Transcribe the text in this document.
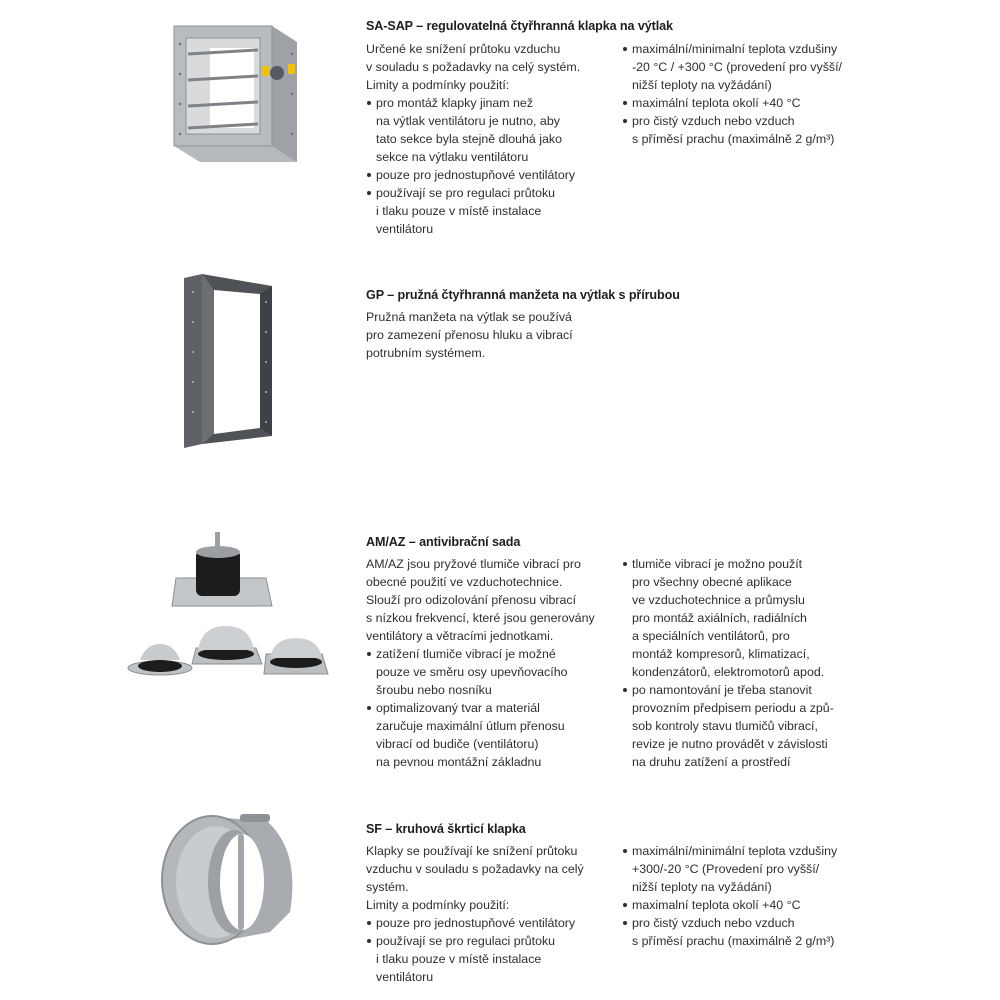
SA-SAP – regulovatelná čtyřhranná klapka na výtlak

Určené ke snížení průtoku vzduchu
v souladu s požadavky na celý systém.
Limity a podmínky použití:

pro montáž klapky jinam než
na výtlak ventilátoru je nutno, aby
tato sekce byla stejně dlouhá jako
sekce na výtlaku ventilátoru
pouze pro jednostupňové ventilátory
používají se pro regulaci průtoku
i tlaku pouze v místě instalace
ventilátoru
maximální/minimalní teplota vzdušiny
-20 °C / +300 °C (provedení pro vyšší/
nižší teploty na vyžádání)
maximální teplota okolí +40 °C
pro čistý vzduch nebo vzduch
s příměsí prachu (maximálně 2 g/m³)
GP – pružná čtyřhranná manžeta na výtlak s přírubou

Pružná manžeta na výtlak se používá
pro zamezení přenosu hluku a vibrací
potrubním systémem.

AM/AZ – antivibrační sada

AM/AZ jsou pryžové tlumiče vibrací pro
obecné použití ve vzduchotechnice.
Slouží pro odizolování přenosu vibrací
s nízkou frekvencí, které jsou generovány
ventilátory a větracími jednotkami.

zatížení tlumiče vibrací je možné
pouze ve směru osy upevňovacího
šroubu nebo nosníku
optimalizovaný tvar a materiál
zaručuje maximální útlum přenosu
vibrací od budiče (ventilátoru)
na pevnou montážní základnu
tlumiče vibrací je možno použít
pro všechny obecné aplikace
ve vzduchotechnice a průmyslu
pro montáž axiálních, radiálních
a speciálních ventilátorů, pro
montáž kompresorů, klimatizací,
kondenzátorů, elektromotorů apod.
po namontování je třeba stanovit
provozním předpisem periodu a způ-
sob kontroly stavu tlumičů vibrací,
revize je nutno provádět v závislosti
na druhu zatížení a prostředí
SF – kruhová škrticí klapka

Klapky se používají ke snížení průtoku
vzduchu v souladu s požadavky na celý
systém.
Limity a podmínky použití:

pouze pro jednostupňové ventilátory
používají se pro regulaci průtoku
i tlaku pouze v místě instalace
ventilátoru
maximální/minimální teplota vzdušiny
+300/-20 °C (Provedení pro vyšší/
nižší teploty na vyžádání)
maximalní teplota okolí +40 °C
pro čistý vzduch nebo vzduch
s příměsí prachu (maximálně 2 g/m³)
